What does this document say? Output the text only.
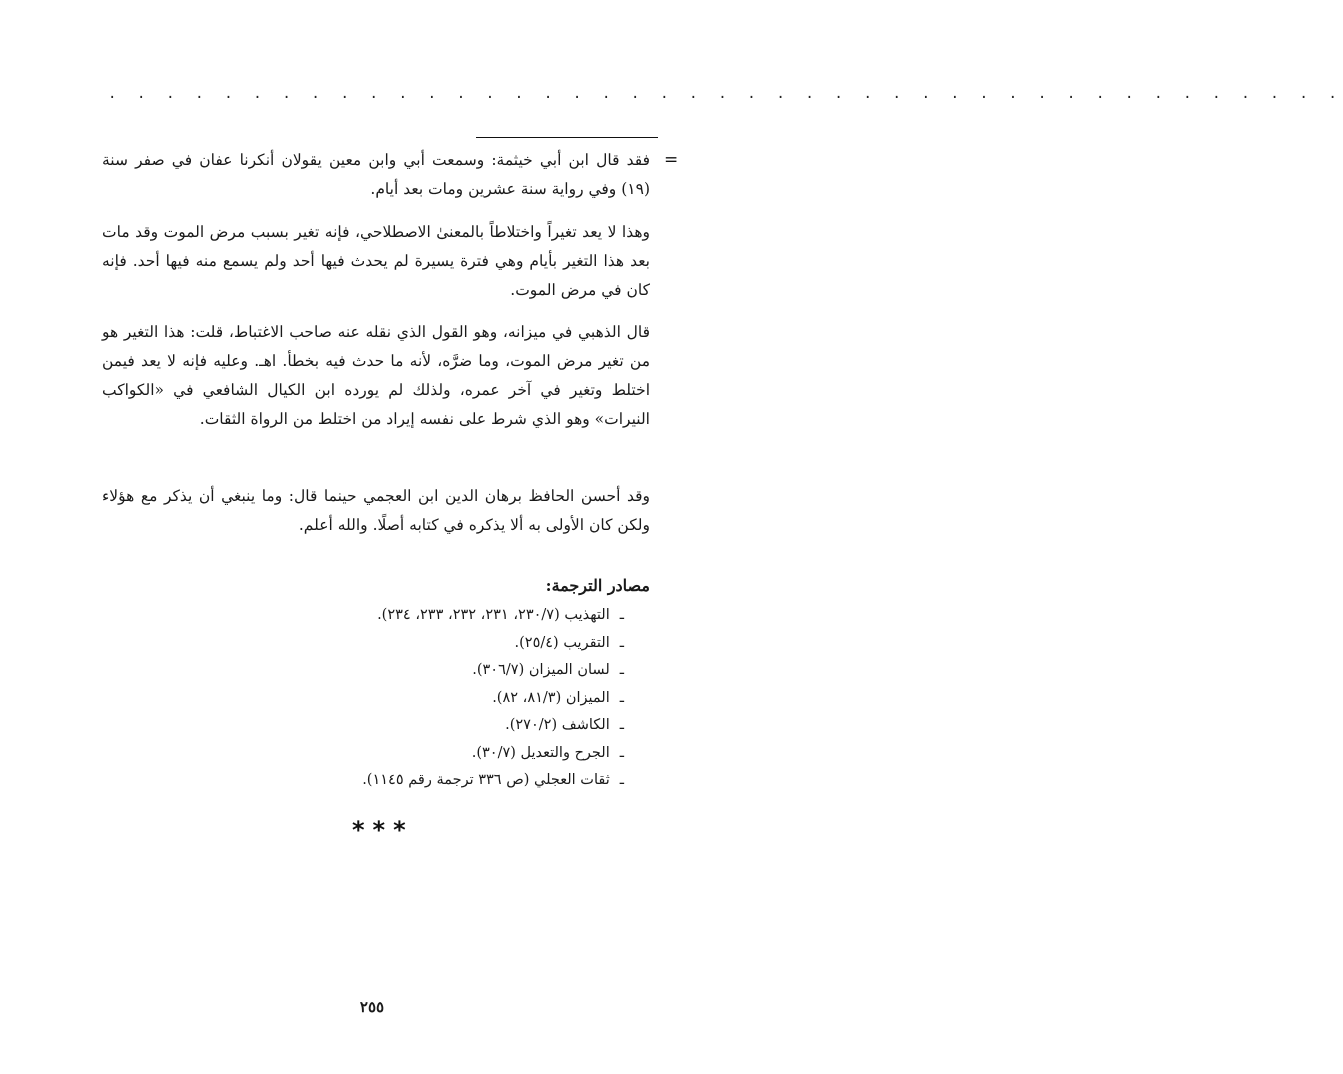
. . . . . . . . . . . . . . . . . . . . . . . . . . . . . . . . . . . . . . . . . . .
=

فقد قال ابن أبي خيثمة: وسمعت أبي وابن معين يقولان أنكرنا عفان في صفر سنة (١٩) وفي رواية سنة عشرين ومات بعد أيام.

وهذا لا يعد تغيراً واختلاطاً بالمعنىٰ الاصطلاحي، فإنه تغير بسبب مرض الموت وقد مات بعد هذا التغير بأيام وهي فترة يسيرة لم يحدث فيها أحد ولم يسمع منه فيها أحد. فإنه كان في مرض الموت.

قال الذهبي في ميزانه، وهو القول الذي نقله عنه صاحب الاغتباط، قلت: هذا التغير هو من تغير مرض الموت، وما ضرَّه، لأنه ما حدث فيه بخطأ. اهـ. وعليه فإنه لا يعد فيمن اختلط وتغير في آخر عمره، ولذلك لم يورده ابن الكيال الشافعي في «الكواكب النيرات» وهو الذي شرط على نفسه إيراد من اختلط من الرواة الثقات.

وقد أحسن الحافظ برهان الدين ابن العجمي حينما قال: وما ينبغي أن يذكر مع هؤلاء ولكن كان الأولى به ألا يذكره في كتابه أصلًا. والله أعلم.

مصادر الترجمة:
ـالتهذيب (٢٣٠/٧، ٢٣١، ٢٣٢، ٢٣٣، ٢٣٤).
ـالتقريب (٢٥/٤).
ـلسان الميزان (٣٠٦/٧).
ـالميزان (٨١/٣، ٨٢).
ـالكاشف (٢٧٠/٢).
ـالجرح والتعديل (٣٠/٧).
ـثقات العجلي (ص ٣٣٦ ترجمة رقم ١١٤٥).
***
٢٥٥
